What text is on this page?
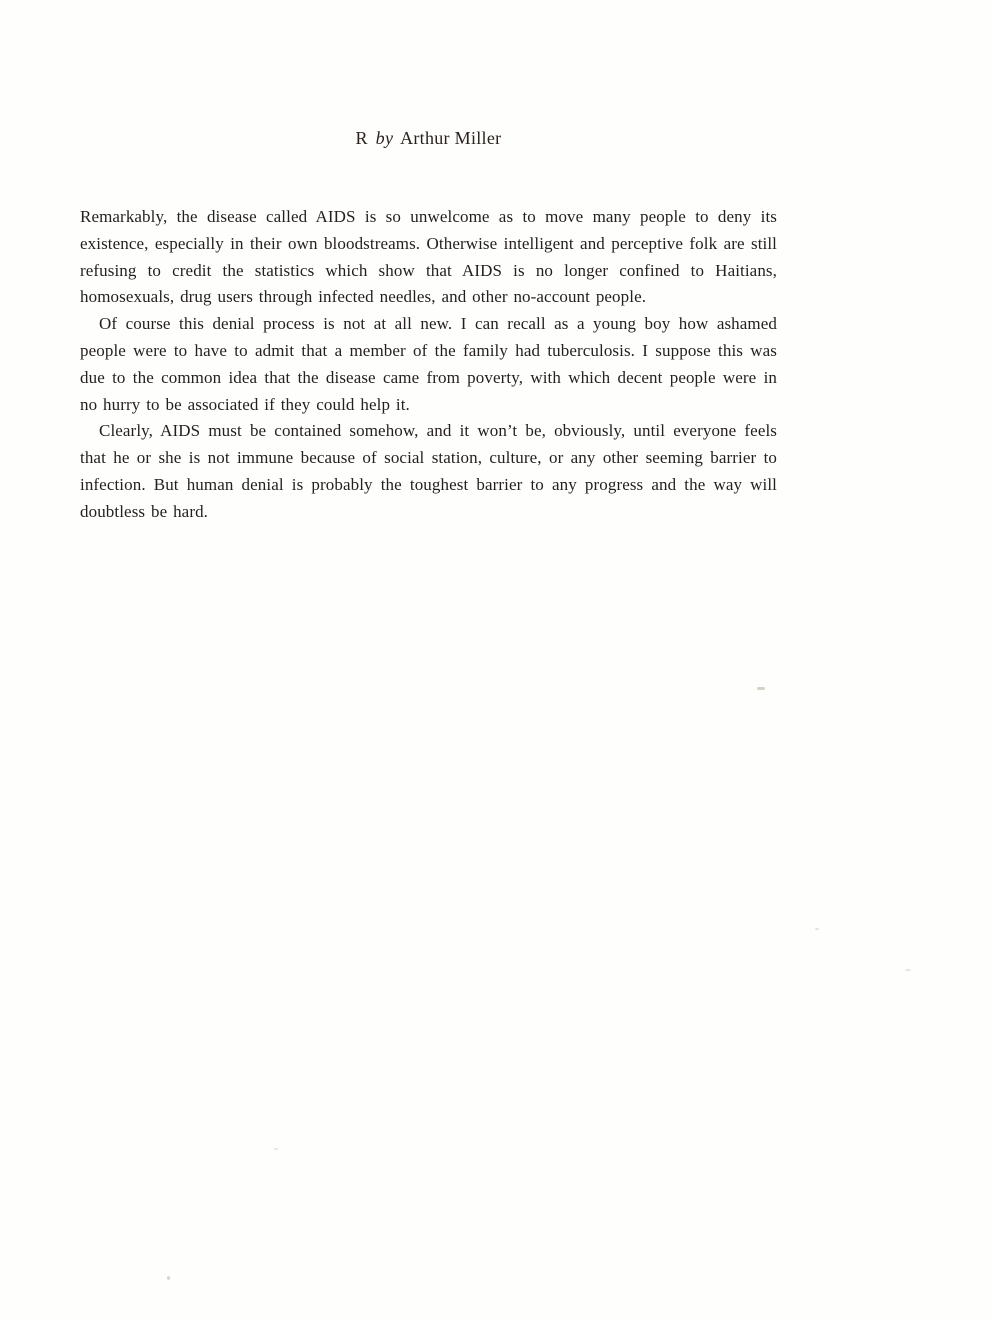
R by Arthur Miller

Remarkably, the disease called AIDS is so unwelcome as to move many people to deny its existence, especially in their own bloodstreams. Otherwise intelligent and perceptive folk are still refusing to credit the statistics which show that AIDS is no longer confined to Haitians, homosexuals, drug users through infected needles, and other no-account people.

Of course this denial process is not at all new. I can recall as a young boy how ashamed people were to have to admit that a member of the family had tuberculosis. I suppose this was due to the common idea that the disease came from poverty, with which decent people were in no hurry to be associated if they could help it.

Clearly, AIDS must be contained somehow, and it won’t be, obviously, until everyone feels that he or she is not immune because of social station, culture, or any other seeming barrier to infection. But human denial is probably the toughest barrier to any progress and the way will doubtless be hard.
